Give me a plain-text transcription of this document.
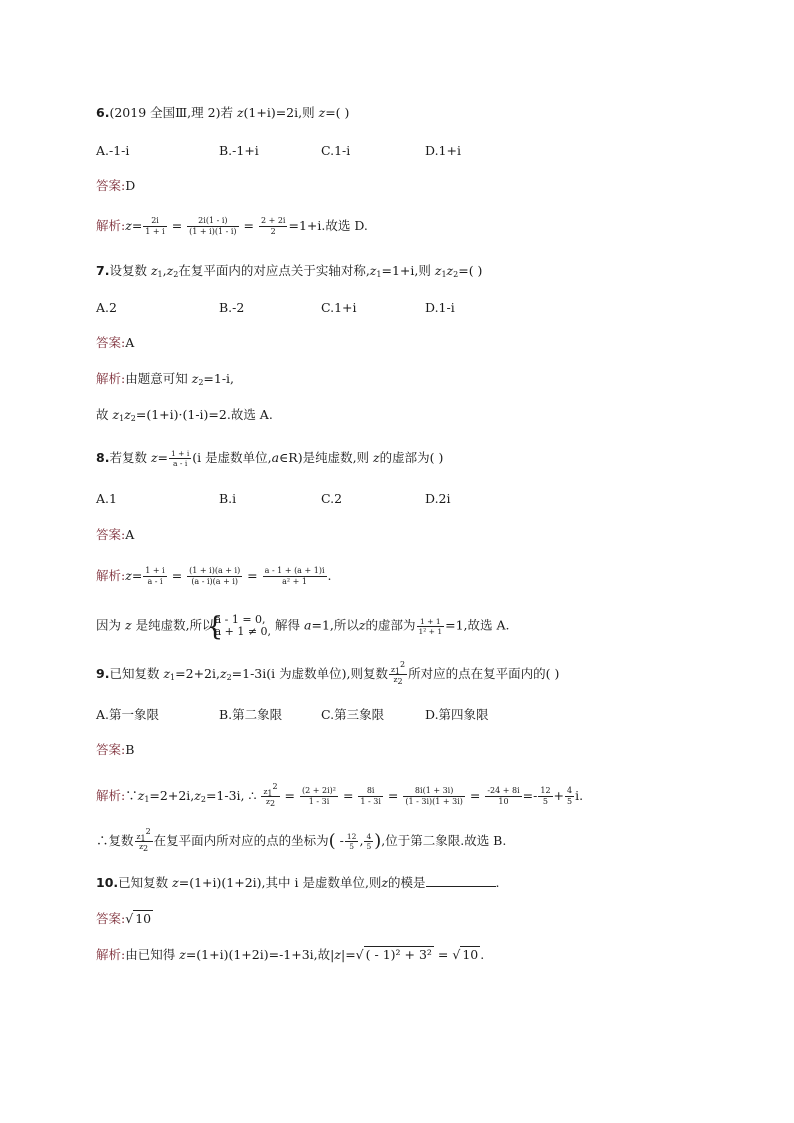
6.(2019 全国Ⅲ,理 2)若 z(1+i)=2i,则 z=( )
A.-1-i	B.-1+i	C.1-i	D.1+i
答案:D
解析:z= $\frac{2i}{1 + i} = \frac{2i(1 - i)}{(1 + i)(1 - i)} = \frac{2 + 2i}{2} =1+i$.故选 D.
7.设复数 $z_1,z_2$在复平面内的对应点关于实轴对称$,z_1=1+i$,则 $z_1z_2=$( )
A.2	B.-2	C.1+i	D.1-i
答案:A
解析:由题意可知 $z_2=1-i$,
故 $z_1z_2=(1+i)\cdot(1-i)=2$.故选 A.
8.若复数 $z= \frac{1 + i}{a - i} (i$ 是虚数单位,a∈R)是纯虚数,则 z的虚部为( )
A.1	B.i	C.2	D.2i
答案:A
解析:z= $\frac{1 + i}{a - i} = \frac{(1 + i)(a + i)}{(a - i)(a + i)} = \frac{a - 1 + (a + 1)i}{\text{a² + 1}}$ .
因为 z 是纯虚数,所以
{
a - 1 = 0,
a + 1 ≠ 0, 解得 a=1,所以z的虚部为 $\frac{1 + 1}{\text{1² + 1}} =1$,故选 A.
9.已知复数 $z_1=2+2i,z_2=1-3i(i$ 为虚数单位),则复数 $\frac{z_1^2}{z_2}$ 所对应的点在复平面内的( )
A.第一象限	B.第二象限	C.第三象限	D.第四象限
答案:B
解析$:\because z_1=2+2i,z_2=1-3i$, ∴ $\frac{z_1^2}{z_2} = \frac{\text{(2 + 2i)²}}{1 - 3i} = \frac{8i}{1 - 3i} = \frac{8i(1 + 3i)}{(1 - 3i)(1 + 3i)} = \frac{-24 + 8i}{10} =- \frac{12}{5} + \frac{4}{5} i$.
∴复数 $\frac{z_1^2}{z_2}$ 在复平面内所对应的点的坐标为( - $\frac{12}{5}$ , $\frac{4}{5}$ ),位于第二象限.故选 B.
10.已知复数 z=(1+i)(1+2i),其中 i 是虚数单位,则z的模是	.
答案:√ 10
解析:由已知得 z=(1+i)(1+2i)=-1+3i,故|z|=√ ( - 1)² + 3² = √ 10 .
